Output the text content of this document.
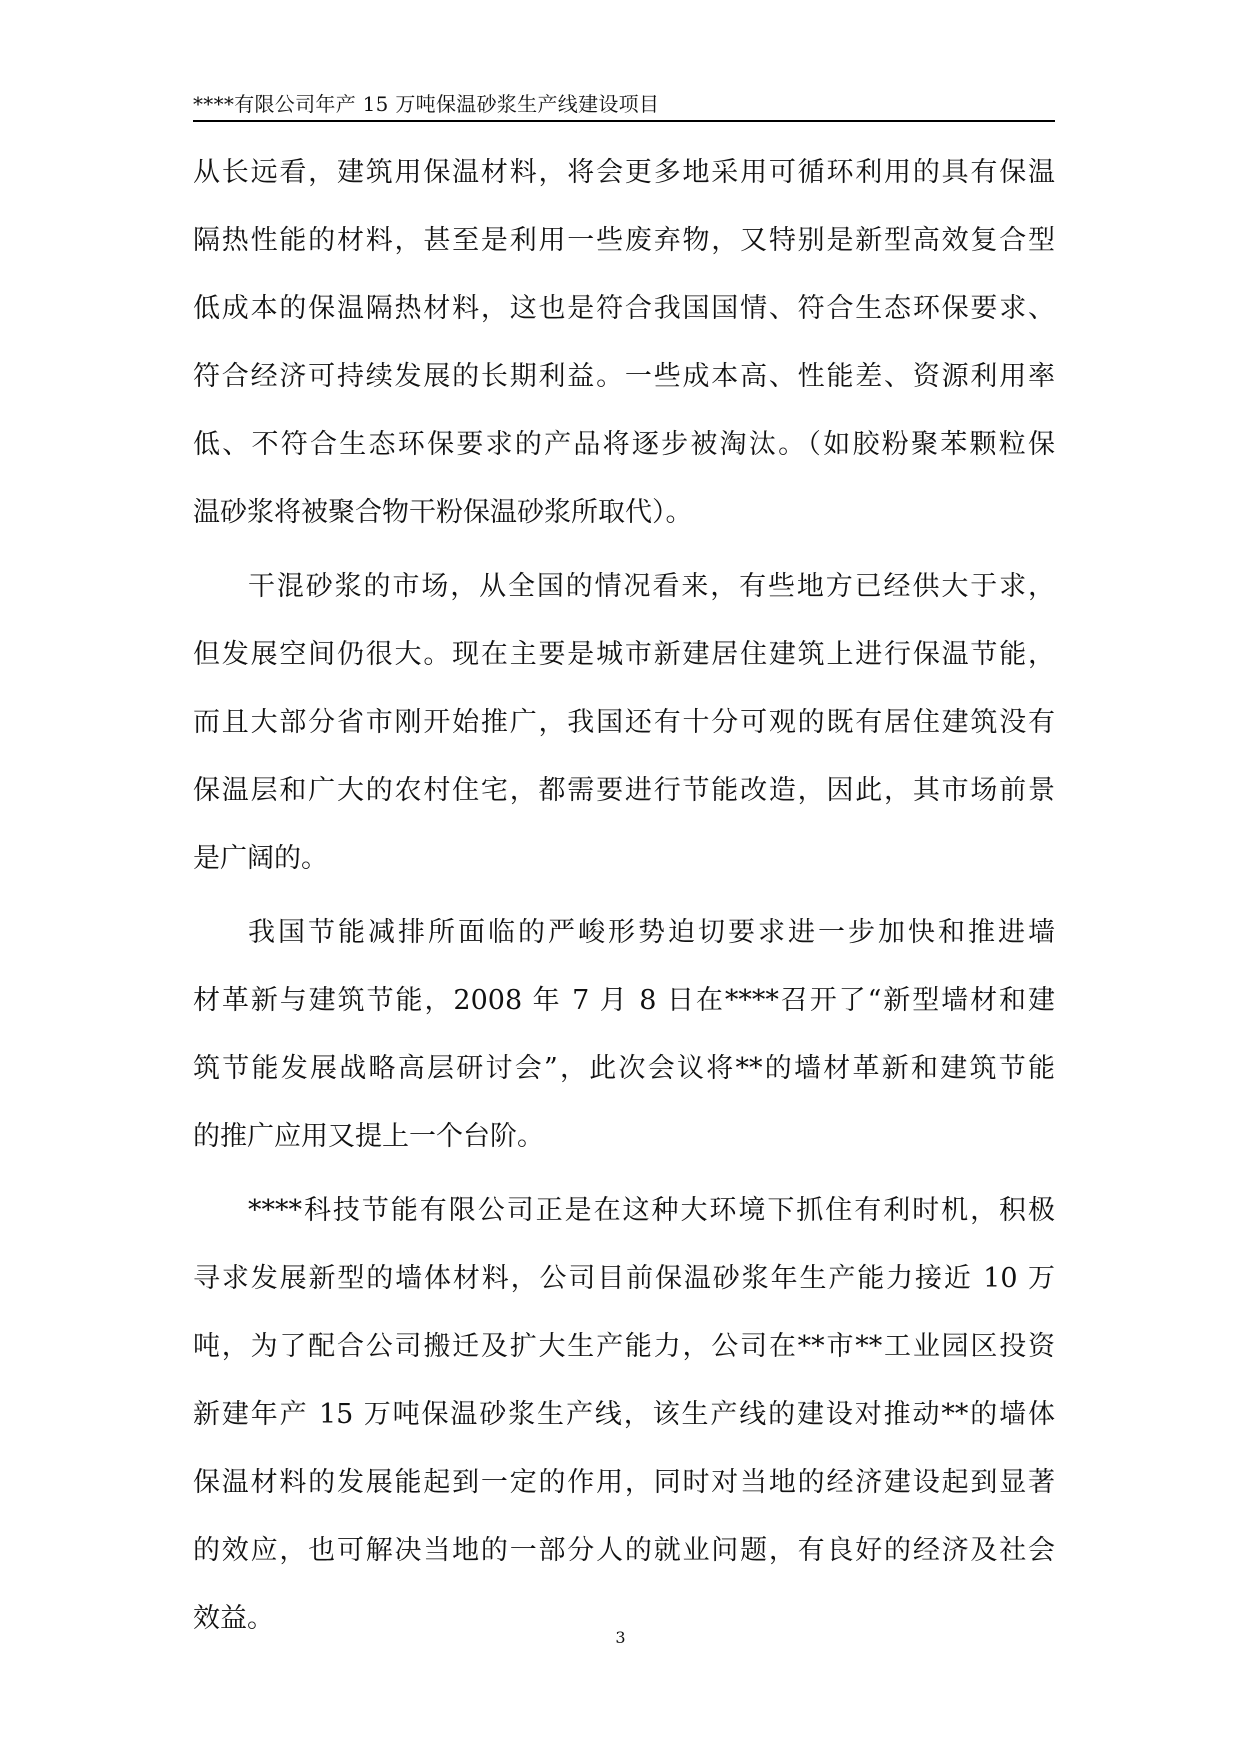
****有限公司年产 15 万吨保温砂浆生产线建设项目
从长远看，建筑用保温材料，将会更多地采用可循环利用的具有保温
隔热性能的材料，甚至是利用一些废弃物，又特别是新型高效复合型
低成本的保温隔热材料，这也是符合我国国情、符合生态环保要求、
符合经济可持续发展的长期利益。一些成本高、性能差、资源利用率
低、不符合生态环保要求的产品将逐步被淘汰。（如胶粉聚苯颗粒保
温砂浆将被聚合物干粉保温砂浆所取代）。
干混砂浆的市场，从全国的情况看来，有些地方已经供大于求，
但发展空间仍很大。现在主要是城市新建居住建筑上进行保温节能，
而且大部分省市刚开始推广，我国还有十分可观的既有居住建筑没有
保温层和广大的农村住宅，都需要进行节能改造，因此，其市场前景
是广阔的。
我国节能减排所面临的严峻形势迫切要求进一步加快和推进墙
材革新与建筑节能，2008 年 7 月 8 日在****召开了“新型墙材和建
筑节能发展战略高层研讨会”，此次会议将**的墙材革新和建筑节能
的推广应用又提上一个台阶。
****科技节能有限公司正是在这种大环境下抓住有利时机，积极
寻求发展新型的墙体材料，公司目前保温砂浆年生产能力接近 10 万
吨，为了配合公司搬迁及扩大生产能力，公司在**市**工业园区投资
新建年产 15 万吨保温砂浆生产线，该生产线的建设对推动**的墙体
保温材料的发展能起到一定的作用，同时对当地的经济建设起到显著
的效应，也可解决当地的一部分人的就业问题，有良好的经济及社会
效益。
3
